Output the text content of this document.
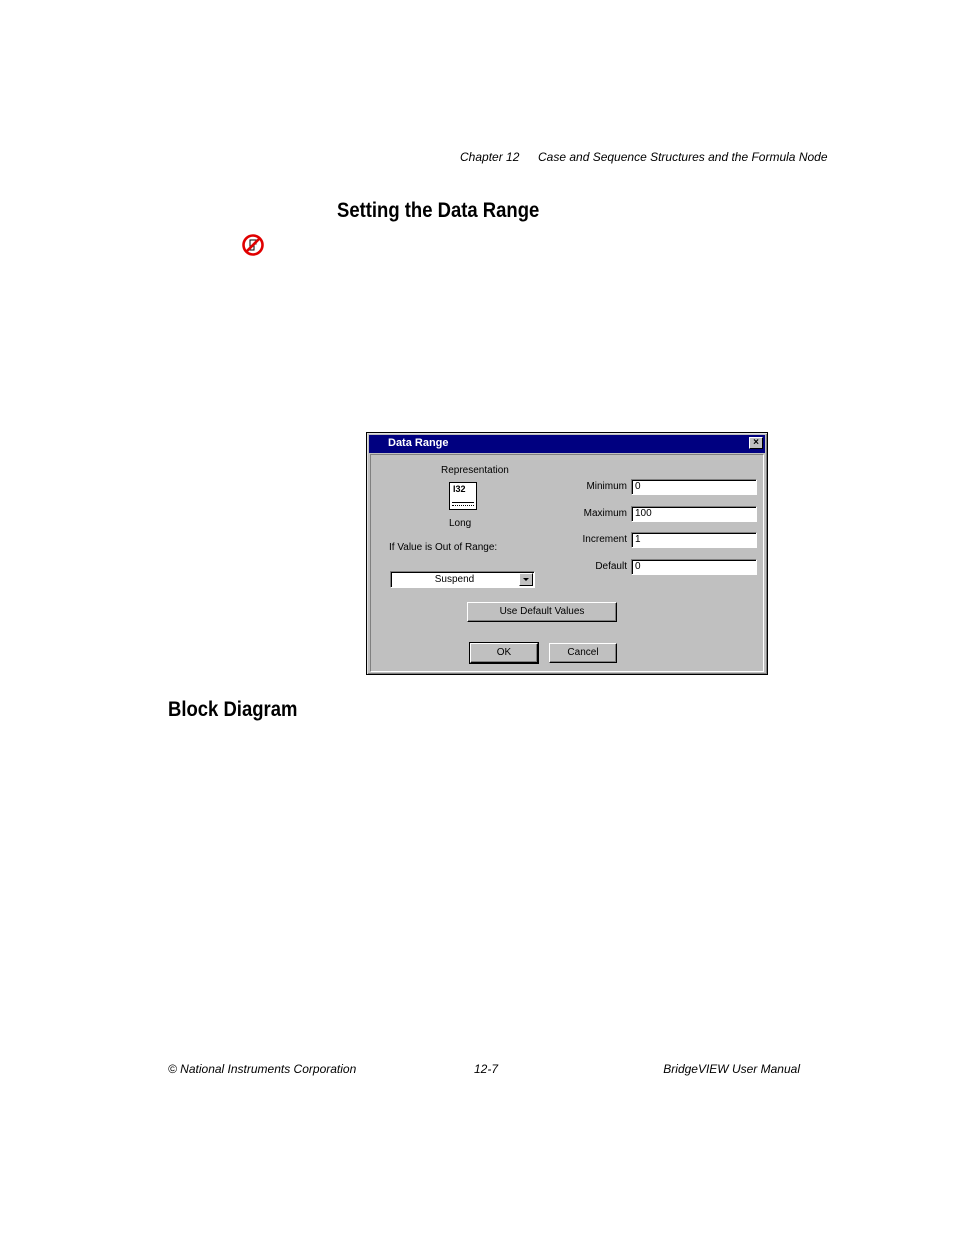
Chapter 12 Case and Sequence Structures and the Formula Node
Setting the Data Range
Data Range	×
Representation
I32
Long
If Value is Out of Range:
Suspend
Minimum 0
Maximum 100
Increment 1
Default 0
Use Default Values
OK	Cancel
Block Diagram
© National Instruments Corporation	12-7	BridgeVIEW User Manual
